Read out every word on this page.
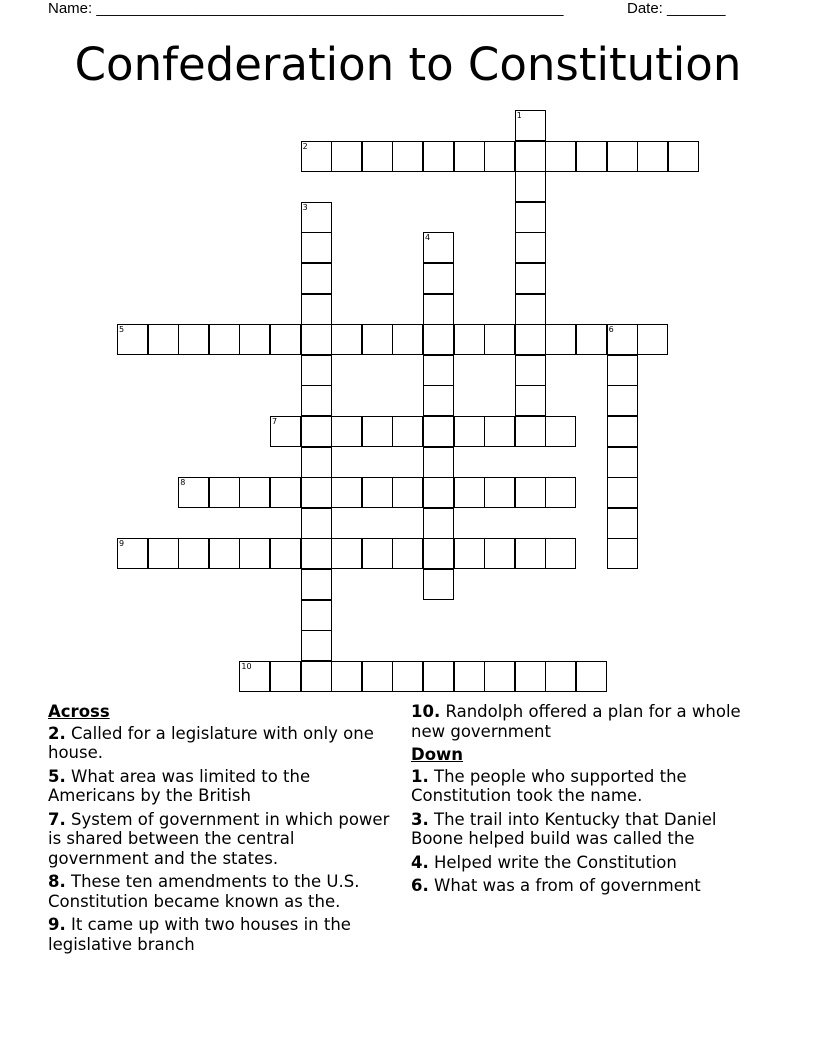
Name: ________________________________________________________	Date: _______
Confederation to Constitution
1
2
3
4
5	6
7
8
9
10
Across
2. Called for a legislature with only one house.
5. What area was limited to the Americans by the British
7. System of government in which power is shared between the central government and the states.
8. These ten amendments to the U.S. Constitution became known as the.
9. It came up with two houses in the legislative branch
10. Randolph offered a plan for a whole new government
Down
1. The people who supported the Constitution took the name.
3. The trail into Kentucky that Daniel Boone helped build was called the
4. Helped write the Constitution
6. What was a from of government
